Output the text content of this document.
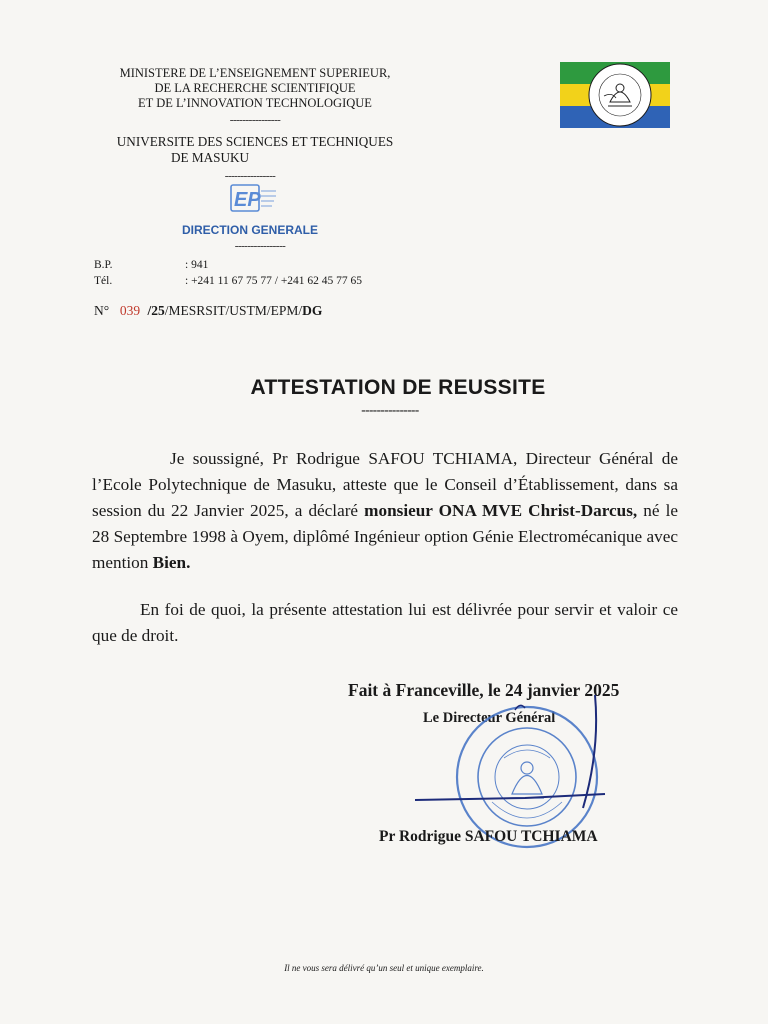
MINISTERE DE L’ENSEIGNEMENT SUPERIEUR,
DE LA RECHERCHE SCIENTIFIQUE
ET DE L’INNOVATION TECHNOLOGIQUE
----------------
UNIVERSITE DES SCIENCES ET TECHNIQUES
DE MASUKU
----------------
EP
DIRECTION GENERALE
----------------
B.P.	: 941
Tél.	: +241 11 67 75 77 / +241 62 45 77 65
N° 039 /25/MESRSIT/USTM/EPM/DG
ATTESTATION DE REUSSITE
---------------
Je soussigné, Pr Rodrigue SAFOU TCHIAMA, Directeur Général de l’Ecole Polytechnique de Masuku, atteste que le Conseil d’Établissement, dans sa session du 22 Janvier 2025, a déclaré monsieur ONA MVE Christ-Darcus, né le 28 Septembre 1998 à Oyem, diplômé Ingénieur option Génie Electromécanique avec mention Bien.
En foi de quoi, la présente attestation lui est délivrée pour servir et valoir ce que de droit.
Fait à Franceville, le 24 janvier 2025
Le Directeur Général
Pr Rodrigue SAFOU TCHIAMA
Il ne vous sera délivré qu’un seul et unique exemplaire.
